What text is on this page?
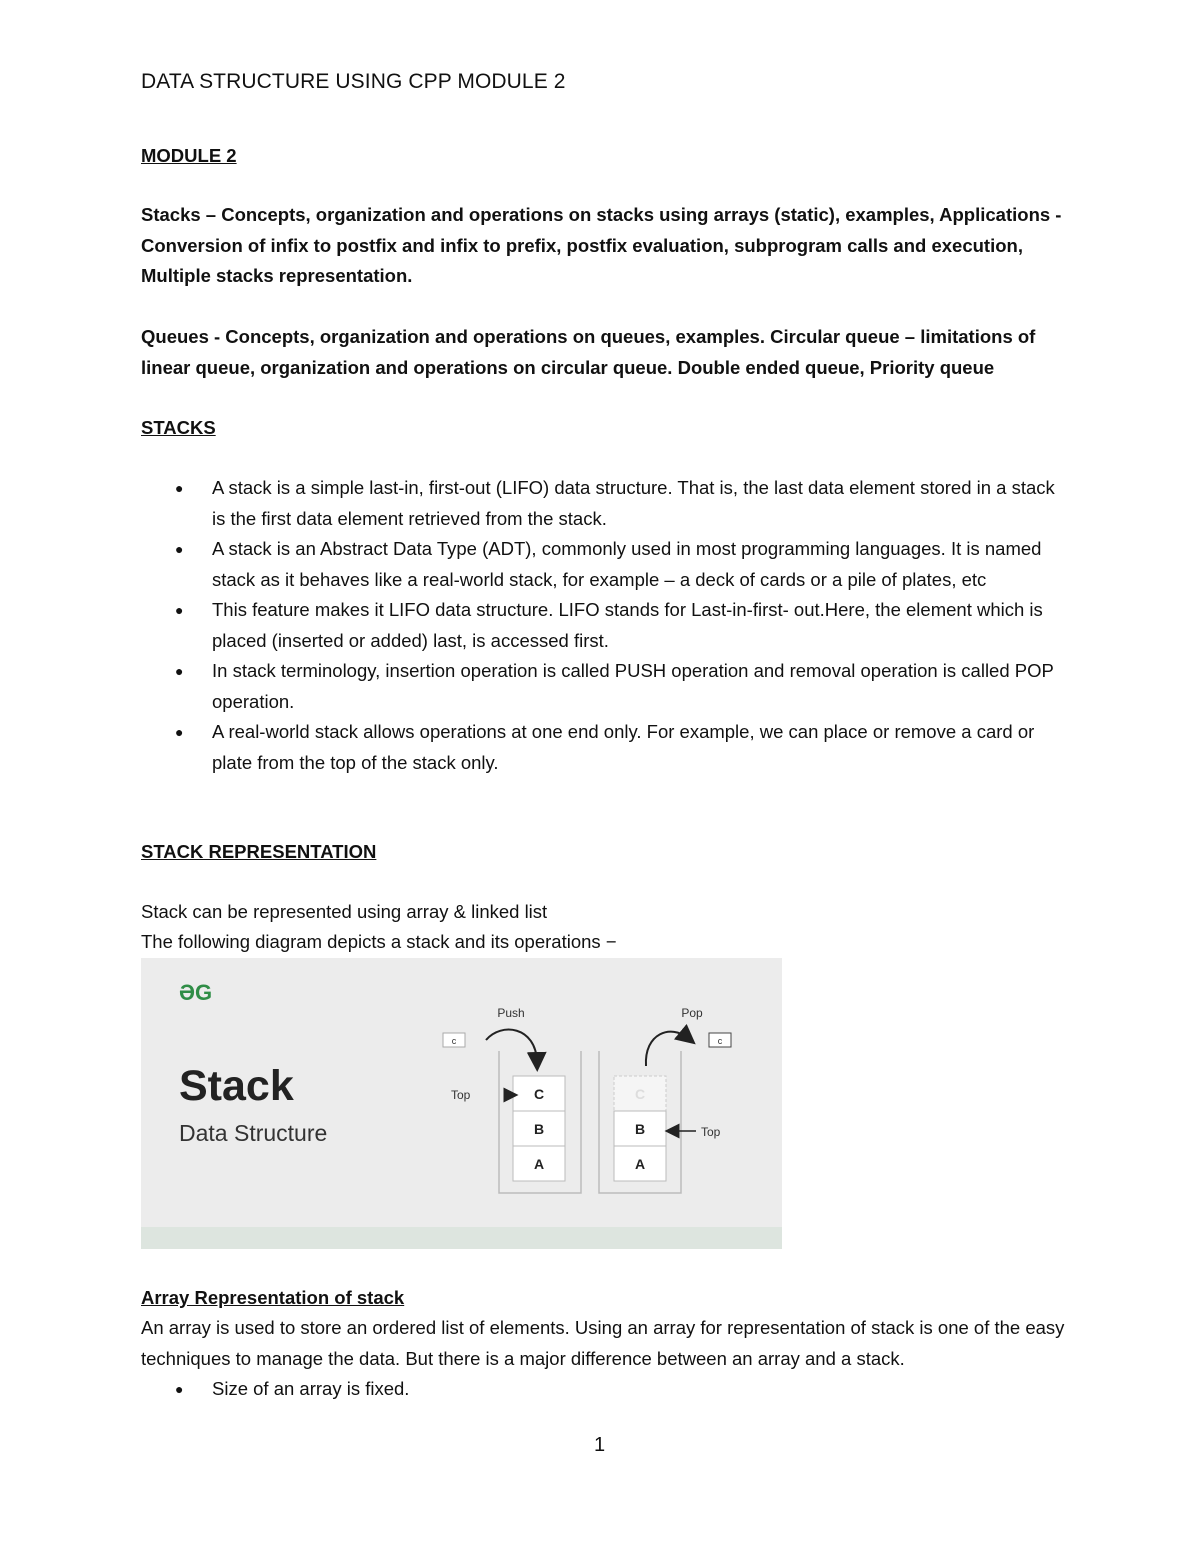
DATA STRUCTURE USING CPP MODULE 2
MODULE 2
Stacks – Concepts, organization and operations on stacks using arrays (static), examples, Applications - Conversion of infix to postfix and infix to prefix, postfix evaluation, subprogram calls and execution, Multiple stacks representation.
Queues - Concepts, organization and operations on queues, examples. Circular queue – limitations of linear queue, organization and operations on circular queue. Double ended queue, Priority queue
STACKS
● A stack is a simple last-in, first-out (LIFO) data structure. That is, the last data element stored in a stack is the first data element retrieved from the stack.
● A stack is an Abstract Data Type (ADT), commonly used in most programming languages. It is named stack as it behaves like a real-world stack, for example – a deck of cards or a pile of plates, etc
● This feature makes it LIFO data structure. LIFO stands for Last-in-first- out.Here, the element which is placed (inserted or added) last, is accessed first.
● In stack terminology, insertion operation is called PUSH operation and removal operation is called POP operation.
● A real-world stack allows operations at one end only. For example, we can place or remove a card or plate from the top of the stack only.
STACK REPRESENTATION
Stack can be represented using array & linked list
The following diagram depicts a stack and its operations −
ƏG
Stack
Data Structure
C
B
A
Push
c
Top	C
B
A
Pop
c
Top
Array Representation of stack
An array is used to store an ordered list of elements. Using an array for representation of stack is one of the easy techniques to manage the data. But there is a major difference between an array and a stack.
● Size of an array is fixed.
1
